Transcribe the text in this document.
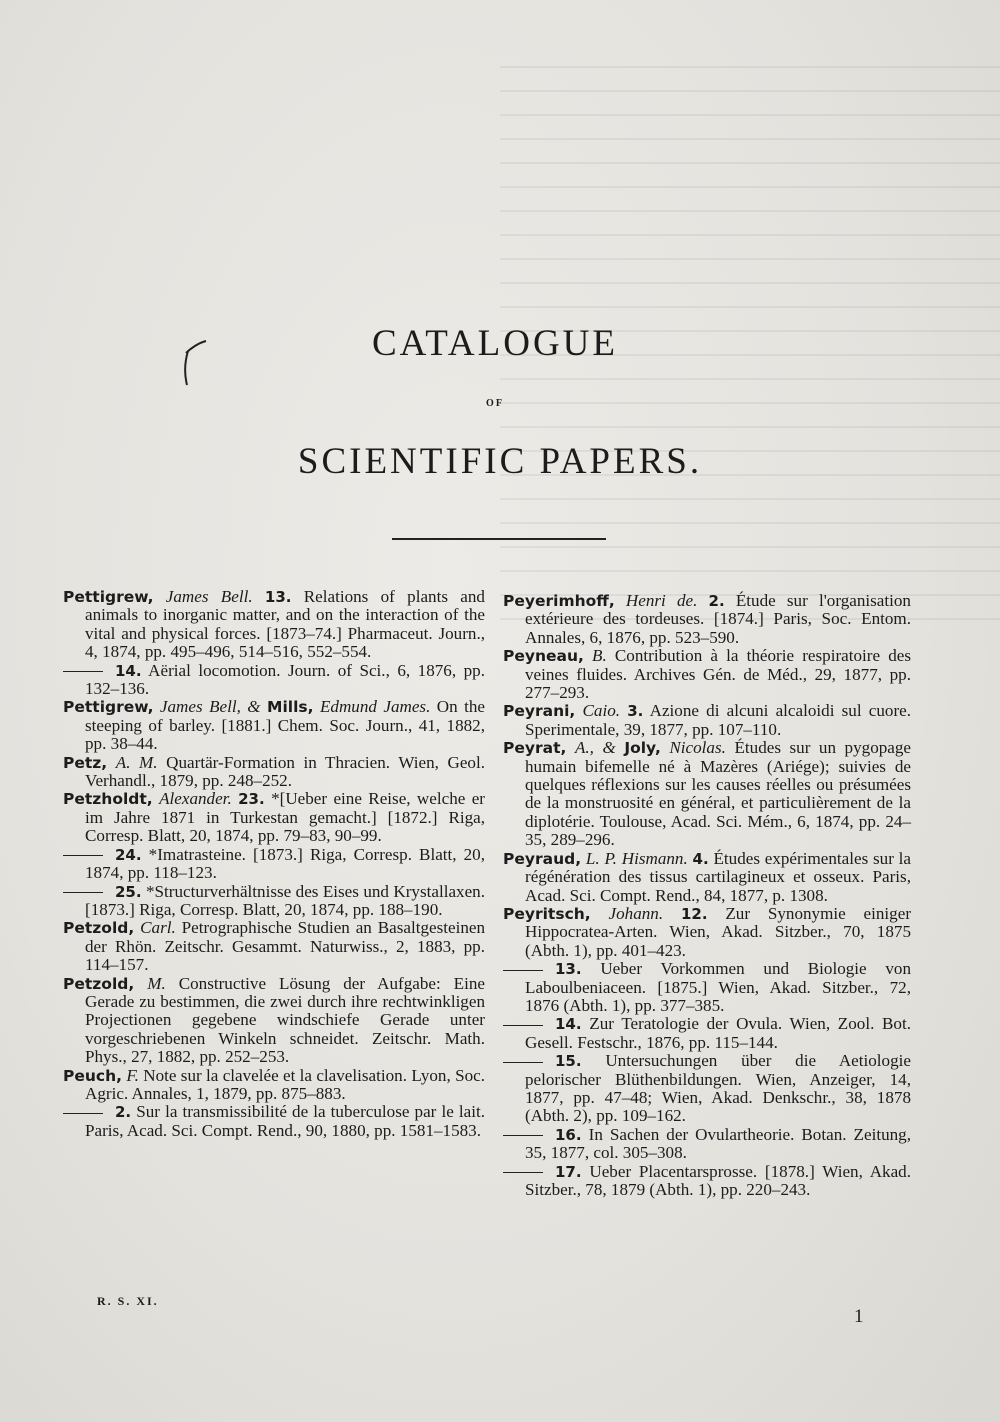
CATALOGUE
OF
SCIENTIFIC PAPERS.

Pettigrew, James Bell. 13. Relations of plants and animals to inorganic matter, and on the interaction of the vital and physical forces. [1873–74.] Pharmaceut. Journ., 4, 1874, pp. 495–496, 514–516, 552–554.

14. Aërial locomotion. Journ. of Sci., 6, 1876, pp. 132–136.

Pettigrew, James Bell, & Mills, Edmund James. On the steeping of barley. [1881.] Chem. Soc. Journ., 41, 1882, pp. 38–44.

Petz, A. M. Quartär-Formation in Thracien. Wien, Geol. Verhandl., 1879, pp. 248–252.

Petzholdt, Alexander. 23. *[Ueber eine Reise, welche er im Jahre 1871 in Turkestan gemacht.] [1872.] Riga, Corresp. Blatt, 20, 1874, pp. 79–83, 90–99.

24. *Imatrasteine. [1873.] Riga, Corresp. Blatt, 20, 1874, pp. 118–123.

25. *Structurverhältnisse des Eises und Krystallaxen. [1873.] Riga, Corresp. Blatt, 20, 1874, pp. 188–190.

Petzold, Carl. Petrographische Studien an Basaltgesteinen der Rhön. Zeitschr. Gesammt. Naturwiss., 2, 1883, pp. 114–157.

Petzold, M. Constructive Lösung der Aufgabe: Eine Gerade zu bestimmen, die zwei durch ihre rechtwinkligen Projectionen gegebene windschiefe Gerade unter vorgeschriebenen Winkeln schneidet. Zeitschr. Math. Phys., 27, 1882, pp. 252–253.

Peuch, F. Note sur la clavelée et la clavelisation. Lyon, Soc. Agric. Annales, 1, 1879, pp. 875–883.

2. Sur la transmissibilité de la tuberculose par le lait. Paris, Acad. Sci. Compt. Rend., 90, 1880, pp. 1581–1583.

Peyerimhoff, Henri de. 2. Étude sur l'organisation extérieure des tordeuses. [1874.] Paris, Soc. Entom. Annales, 6, 1876, pp. 523–590.

Peyneau, B. Contribution à la théorie respiratoire des veines fluides. Archives Gén. de Méd., 29, 1877, pp. 277–293.

Peyrani, Caio. 3. Azione di alcuni alcaloidi sul cuore. Sperimentale, 39, 1877, pp. 107–110.

Peyrat, A., & Joly, Nicolas. Études sur un pygopage humain bifemelle né à Mazères (Ariége); suivies de quelques réflexions sur les causes réelles ou présumées de la monstruosité en général, et particulièrement de la diplotérie. Toulouse, Acad. Sci. Mém., 6, 1874, pp. 24–35, 289–296.

Peyraud, L. P. Hismann. 4. Études expérimentales sur la régénération des tissus cartilagineux et osseux. Paris, Acad. Sci. Compt. Rend., 84, 1877, p. 1308.

Peyritsch, Johann. 12. Zur Synonymie einiger Hippocratea-Arten. Wien, Akad. Sitzber., 70, 1875 (Abth. 1), pp. 401–423.

13. Ueber Vorkommen und Biologie von Laboulbeniaceen. [1875.] Wien, Akad. Sitzber., 72, 1876 (Abth. 1), pp. 377–385.

14. Zur Teratologie der Ovula. Wien, Zool. Bot. Gesell. Festschr., 1876, pp. 115–144.

15. Untersuchungen über die Aetiologie pelorischer Blüthenbildungen. Wien, Anzeiger, 14, 1877, pp. 47–48; Wien, Akad. Denkschr., 38, 1878 (Abth. 2), pp. 109–162.

16. In Sachen der Ovulartheorie. Botan. Zeitung, 35, 1877, col. 305–308.

17. Ueber Placentarsprosse. [1878.] Wien, Akad. Sitzber., 78, 1879 (Abth. 1), pp. 220–243.

R. S. XI.
1
